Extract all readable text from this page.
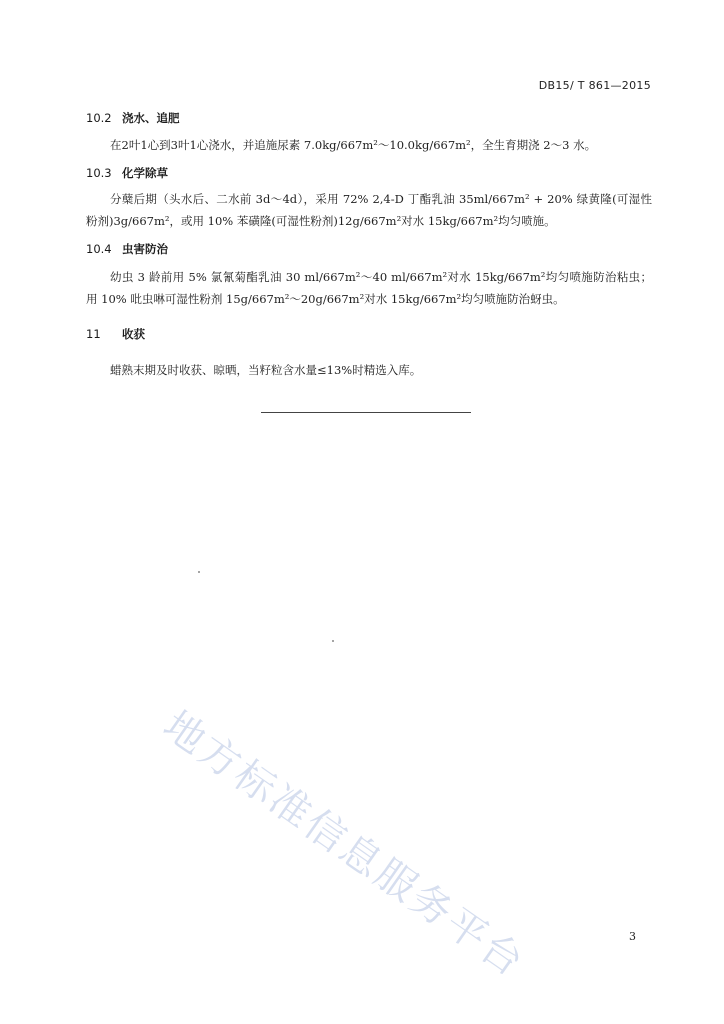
DB15/ T 861—2015
10.2 浇水、追肥
在2叶1心到3叶1心浇水，并追施尿素 7.0kg/667m²～10.0kg/667m²，全生育期浇 2～3 水。
10.3 化学除草
分蘖后期（头水后、二水前 3d～4d），采用 72% 2,4-D 丁酯乳油 35ml/667m² + 20% 绿黄隆(可湿性粉剂)3g/667m²，或用 10% 苯磺隆(可湿性粉剂)12g/667m²对水 15kg/667m²均匀喷施。
10.4 虫害防治
幼虫 3 龄前用 5% 氯氰菊酯乳油 30 ml/667m²～40 ml/667m²对水 15kg/667m²均匀喷施防治粘虫；用 10% 吡虫啉可湿性粉剂 15g/667m²～20g/667m²对水 15kg/667m²均匀喷施防治蚜虫。
11 收获
蜡熟末期及时收获、晾晒，当籽粒含水量≤13%时精选入库。
地方标准信息服务平台	3
